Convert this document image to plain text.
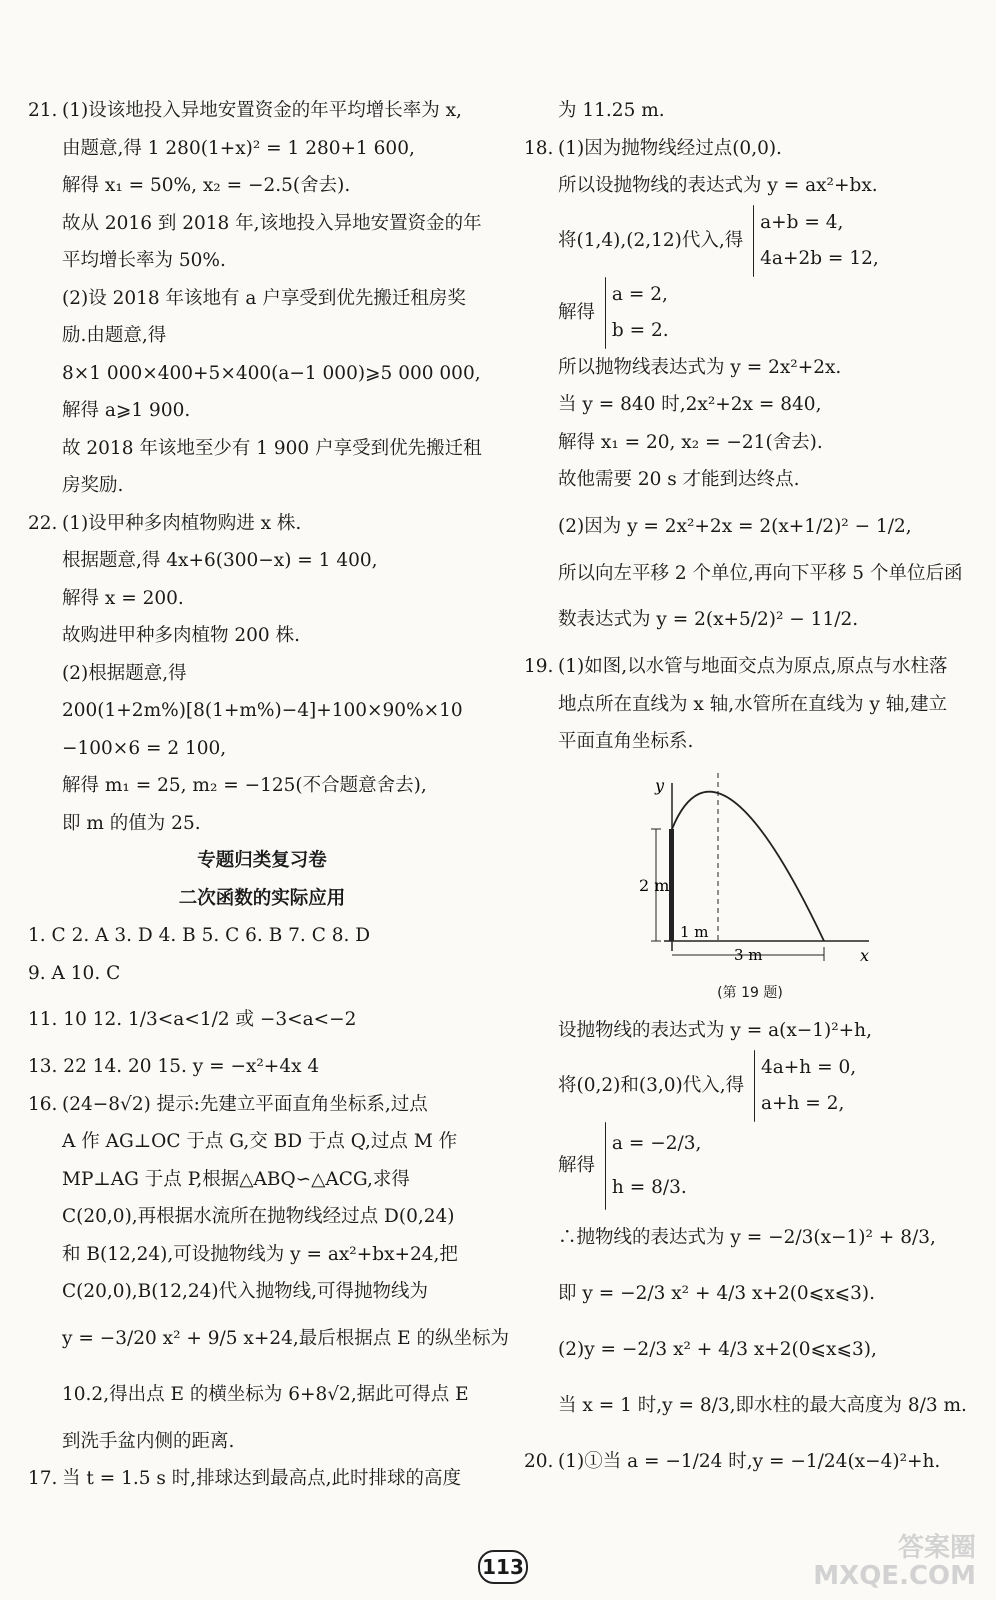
21. (1)设该地投入异地安置资金的年平均增长率为 x,
由题意,得 1 280(1+x)² = 1 280+1 600,
解得 x₁ = 50%, x₂ = −2.5(舍去).
故从 2016 到 2018 年,该地投入异地安置资金的年
平均增长率为 50%.
(2)设 2018 年该地有 a 户享受到优先搬迁租房奖
励.由题意,得
8×1 000×400+5×400(a−1 000)⩾5 000 000,
解得 a⩾1 900.
故 2018 年该地至少有 1 900 户享受到优先搬迁租
房奖励.
22. (1)设甲种多肉植物购进 x 株.
根据题意,得 4x+6(300−x) = 1 400,
解得 x = 200.
故购进甲种多肉植物 200 株.
(2)根据题意,得
200(1+2m%)[8(1+m%)−4]+100×90%×10
−100×6 = 2 100,
解得 m₁ = 25, m₂ = −125(不合题意舍去),
即 m 的值为 25.
专题归类复习卷
二次函数的实际应用
1. C 2. A 3. D 4. B 5. C 6. B 7. C 8. D
9. A 10. C
11. 10 12. 1/3<a<1/2 或 −3<a<−2
13. 22 14. 20 15. y = −x²+4x 4
16. (24−8√2) 提示:先建立平面直角坐标系,过点
A 作 AG⊥OC 于点 G,交 BD 于点 Q,过点 M 作
MP⊥AG 于点 P,根据△ABQ∽△ACG,求得
C(20,0),再根据水流所在抛物线经过点 D(0,24)
和 B(12,24),可设抛物线为 y = ax²+bx+24,把
C(20,0),B(12,24)代入抛物线,可得抛物线为
y = −3/20 x² + 9/5 x+24,最后根据点 E 的纵坐标为
10.2,得出点 E 的横坐标为 6+8√2,据此可得点 E
到洗手盆内侧的距离.
17. 当 t = 1.5 s 时,排球达到最高点,此时排球的高度
为 11.25 m.
18. (1)因为抛物线经过点(0,0).
所以设抛物线的表达式为 y = ax²+bx.
将(1,4),(2,12)代入,得
a+b = 4,
4a+2b = 12,
解得
a = 2,
b = 2.
所以抛物线表达式为 y = 2x²+2x.
当 y = 840 时,2x²+2x = 840,
解得 x₁ = 20, x₂ = −21(舍去).
故他需要 20 s 才能到达终点.
(2)因为 y = 2x²+2x = 2(x+1/2)² − 1/2,
所以向左平移 2 个单位,再向下平移 5 个单位后函
数表达式为 y = 2(x+5/2)² − 11/2.
19. (1)如图,以水管与地面交点为原点,原点与水柱落
地点所在直线为 x 轴,水管所在直线为 y 轴,建立
平面直角坐标系.
y
x
2 m
1 m
3 m
(第 19 题)
设抛物线的表达式为 y = a(x−1)²+h,
将(0,2)和(3,0)代入,得
4a+h = 0,
a+h = 2,
解得
a = −2/3,
h = 8/3.
∴抛物线的表达式为 y = −2/3(x−1)² + 8/3,
即 y = −2/3 x² + 4/3 x+2(0⩽x⩽3).
(2)y = −2/3 x² + 4/3 x+2(0⩽x⩽3),
当 x = 1 时,y = 8/3,即水柱的最大高度为 8/3 m.
20. (1)①当 a = −1/24 时,y = −1/24(x−4)²+h.
113
答案圈
MXQE.COM
